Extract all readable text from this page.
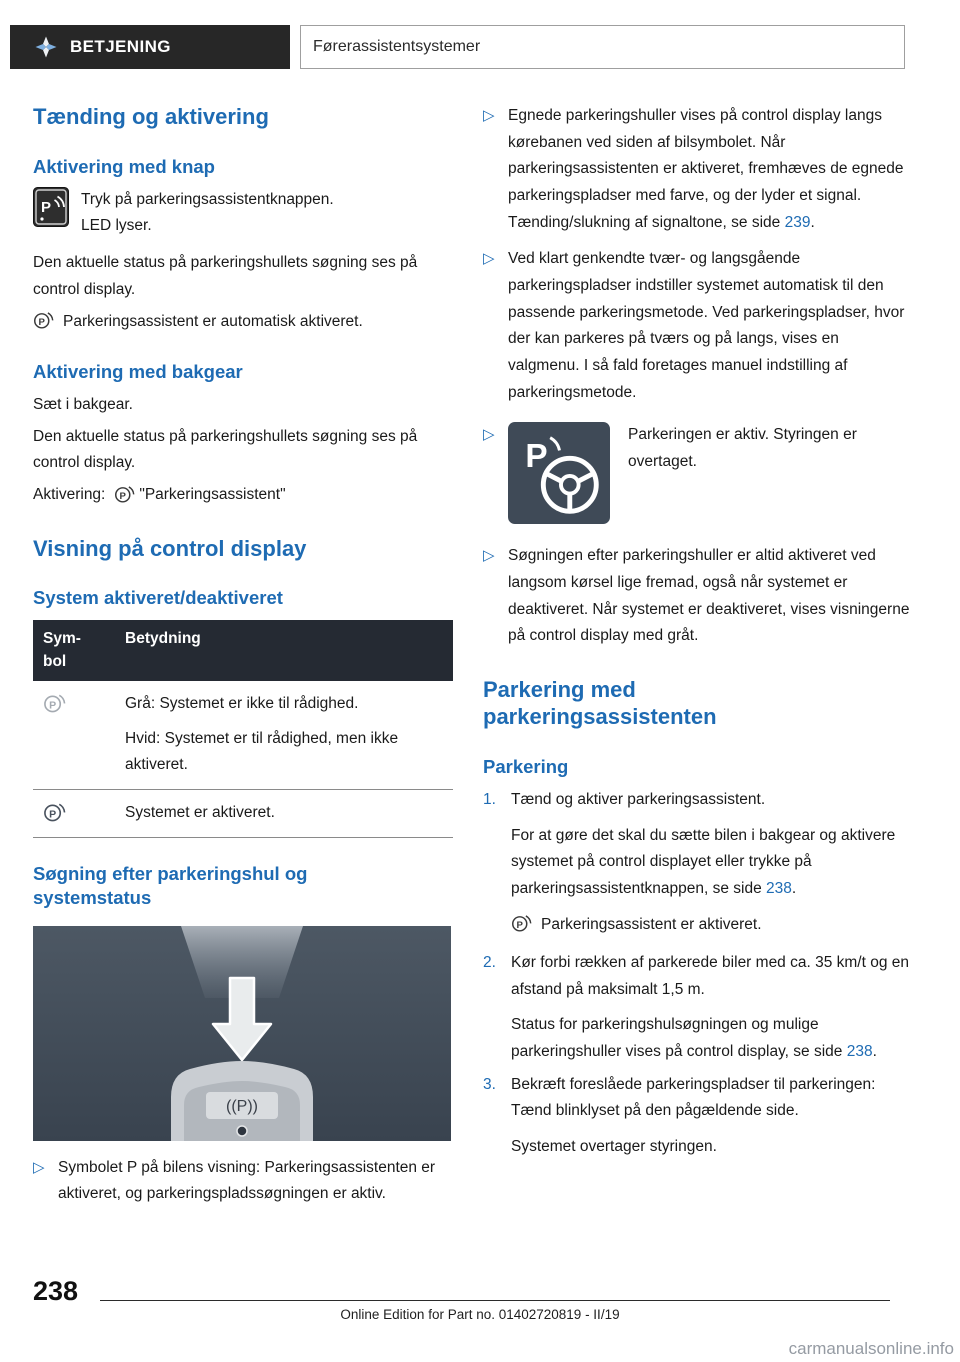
BETJENING	Førerassistentsystemer
Tænding og aktivering
Aktivering med knap
P Tryk på parkeringsassistentknappen.
LED lyser.

Den aktuelle status på parkeringshullets søgning ses på control display.

P Parkeringsassistent er automatisk aktiveret.
Aktivering med bakgear

Sæt i bakgear.

Den aktuelle status på parkeringshullets søgning ses på control display.

Aktivering: P "Parkeringsassistent"

Visning på control display
System aktiveret/deaktiveret
Sym-
bol	Betydning

P	Grå: Systemet er ikke til rådighed.

Hvid: Systemet er til rådighed, men ikke aktiveret.

P	Systemet er aktiveret.

Søgning efter parkeringshul og systemstatus
((P))
▷ Symbolet P på bilens visning: Parkeringsassistenten er aktiveret, og parkeringspladssøgningen er aktiv.
▷ Egnede parkeringshuller vises på control display langs kørebanen ved siden af bilsymbolet. Når parkeringsassistenten er aktiveret, fremhæves de egnede parkeringspladser med farve, og der lyder et signal. Tænding/slukning af signaltone, se side 239.
▷ Ved klart genkendte tvær- og langsgående parkeringspladser indstiller systemet automatisk til den passende parkeringsmetode. Ved parkeringspladser, hvor der kan parkeres på tværs og på langs, vises en valgmenu. I så fald foretages manuel indstilling af parkeringsmetode.
▷
P
Parkeringen er aktiv. Styringen er overtaget.
▷ Søgningen efter parkeringshuller er altid aktiveret ved langsom kørsel lige fremad, også når systemet er deaktiveret. Når systemet er deaktiveret, vises visningerne på control display med gråt.
Parkering med parkeringsassistenten
Parkering
1. Tænd og aktiver parkeringsassistent.

For at gøre det skal du sætte bilen i bakgear og aktivere systemet på control displayet eller trykke på parkeringsassistentknappen, se side 238.

P Parkeringsassistent er aktiveret.
2. Kør forbi rækken af parkerede biler med ca. 35 km/t og en afstand på maksimalt 1,5 m.

Status for parkeringshulsøgningen og mulige parkeringshuller vises på control display, se side 238.

3. Bekræft foreslåede parkeringspladser til parkeringen: Tænd blinklyset på den pågældende side.

Systemet overtager styringen.

238
Online Edition for Part no. 01402720819 - II/19
carmanualsonline.info
